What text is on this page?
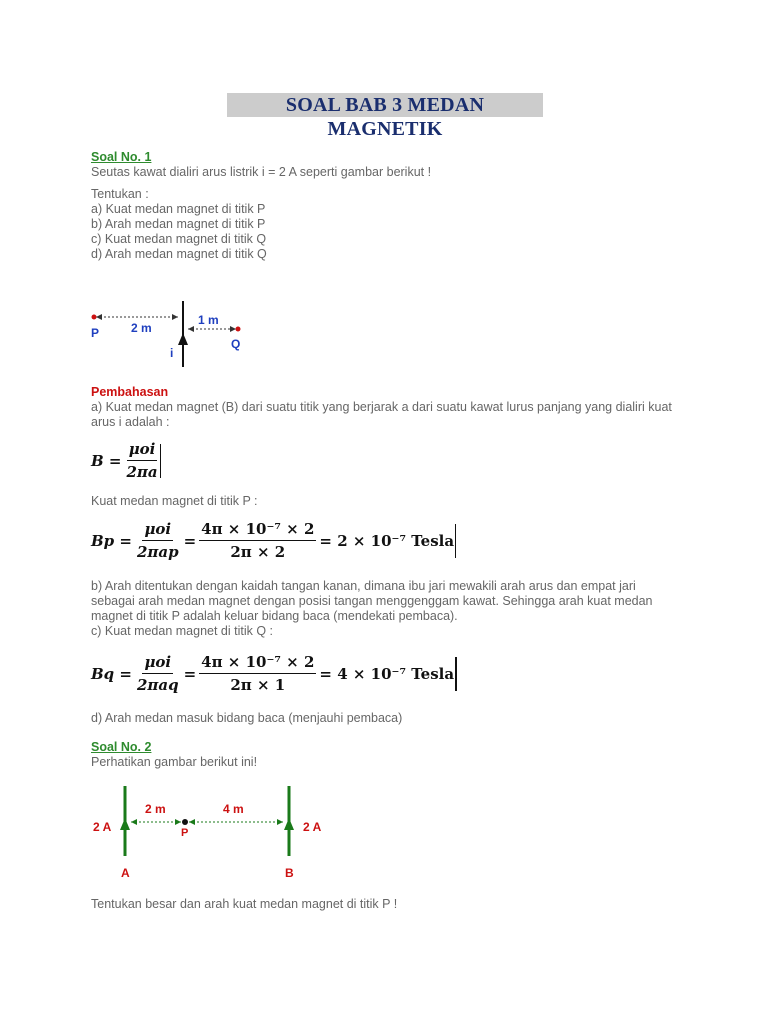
SOAL BAB 3 MEDAN MAGNETIK
Soal No. 1
Seutas kawat dialiri arus listrik i = 2 A seperti gambar berikut !
Tentukan :
a) Kuat medan magnet di titik P
b) Arah medan magnet di titik P
c) Kuat medan magnet di titik Q
d) Arah medan magnet di titik Q
P	2 m
1 m
Q
i
Pembahasan
a) Kuat medan magnet (B) dari suatu titik yang berjarak a dari suatu kawat lurus panjang yang dialiri kuat
arus i adalah :
$B = \frac{\text{μoi}}{2\pi a}$
Kuat medan magnet di titik P :
$Bp = \frac{\text{μoi}}{\text{2πap}} = \frac{\text{4π × 10⁻⁷ × 2}}{2\pi \times 2} = 2 \times 10^{-7}$ Tesla
b) Arah ditentukan dengan kaidah tangan kanan, dimana ibu jari mewakili arah arus dan empat jari
sebagai arah medan magnet dengan posisi tangan menggenggam kawat. Sehingga arah kuat medan
magnet di titik P adalah keluar bidang baca (mendekati pembaca).
c) Kuat medan magnet di titik Q :
$Bq = \frac{\text{μoi}}{\text{2πaq}} = \frac{\text{4π × 10⁻⁷ × 2}}{2\pi \times 1} = 4 \times 10^{-7}$ Tesla
d) Arah medan masuk bidang baca (menjauhi pembaca)
Soal No. 2
Perhatikan gambar berikut ini!
2 A
2 m	4 m
P	2 A
A	B
Tentukan besar dan arah kuat medan magnet di titik P !
